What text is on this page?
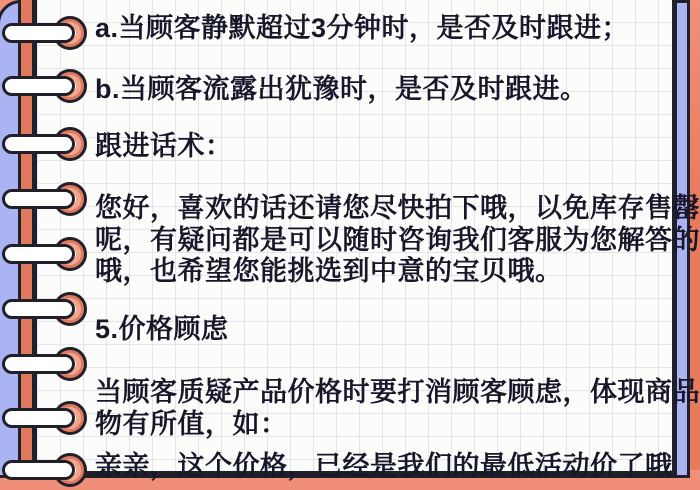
a.当顾客静默超过3分钟时，是否及时跟进；
b.当顾客流露出犹豫时，是否及时跟进。
跟进话术：
您好，喜欢的话还请您尽快拍下哦，以免库存售罄
呢，有疑问都是可以随时咨询我们客服为您解答的
哦，也希望您能挑选到中意的宝贝哦。
5.价格顾虑
当顾客质疑产品价格时要打消顾客顾虑，体现商品
物有所值，如：
亲亲，这个价格，已经是我们的最低活动价了哦
